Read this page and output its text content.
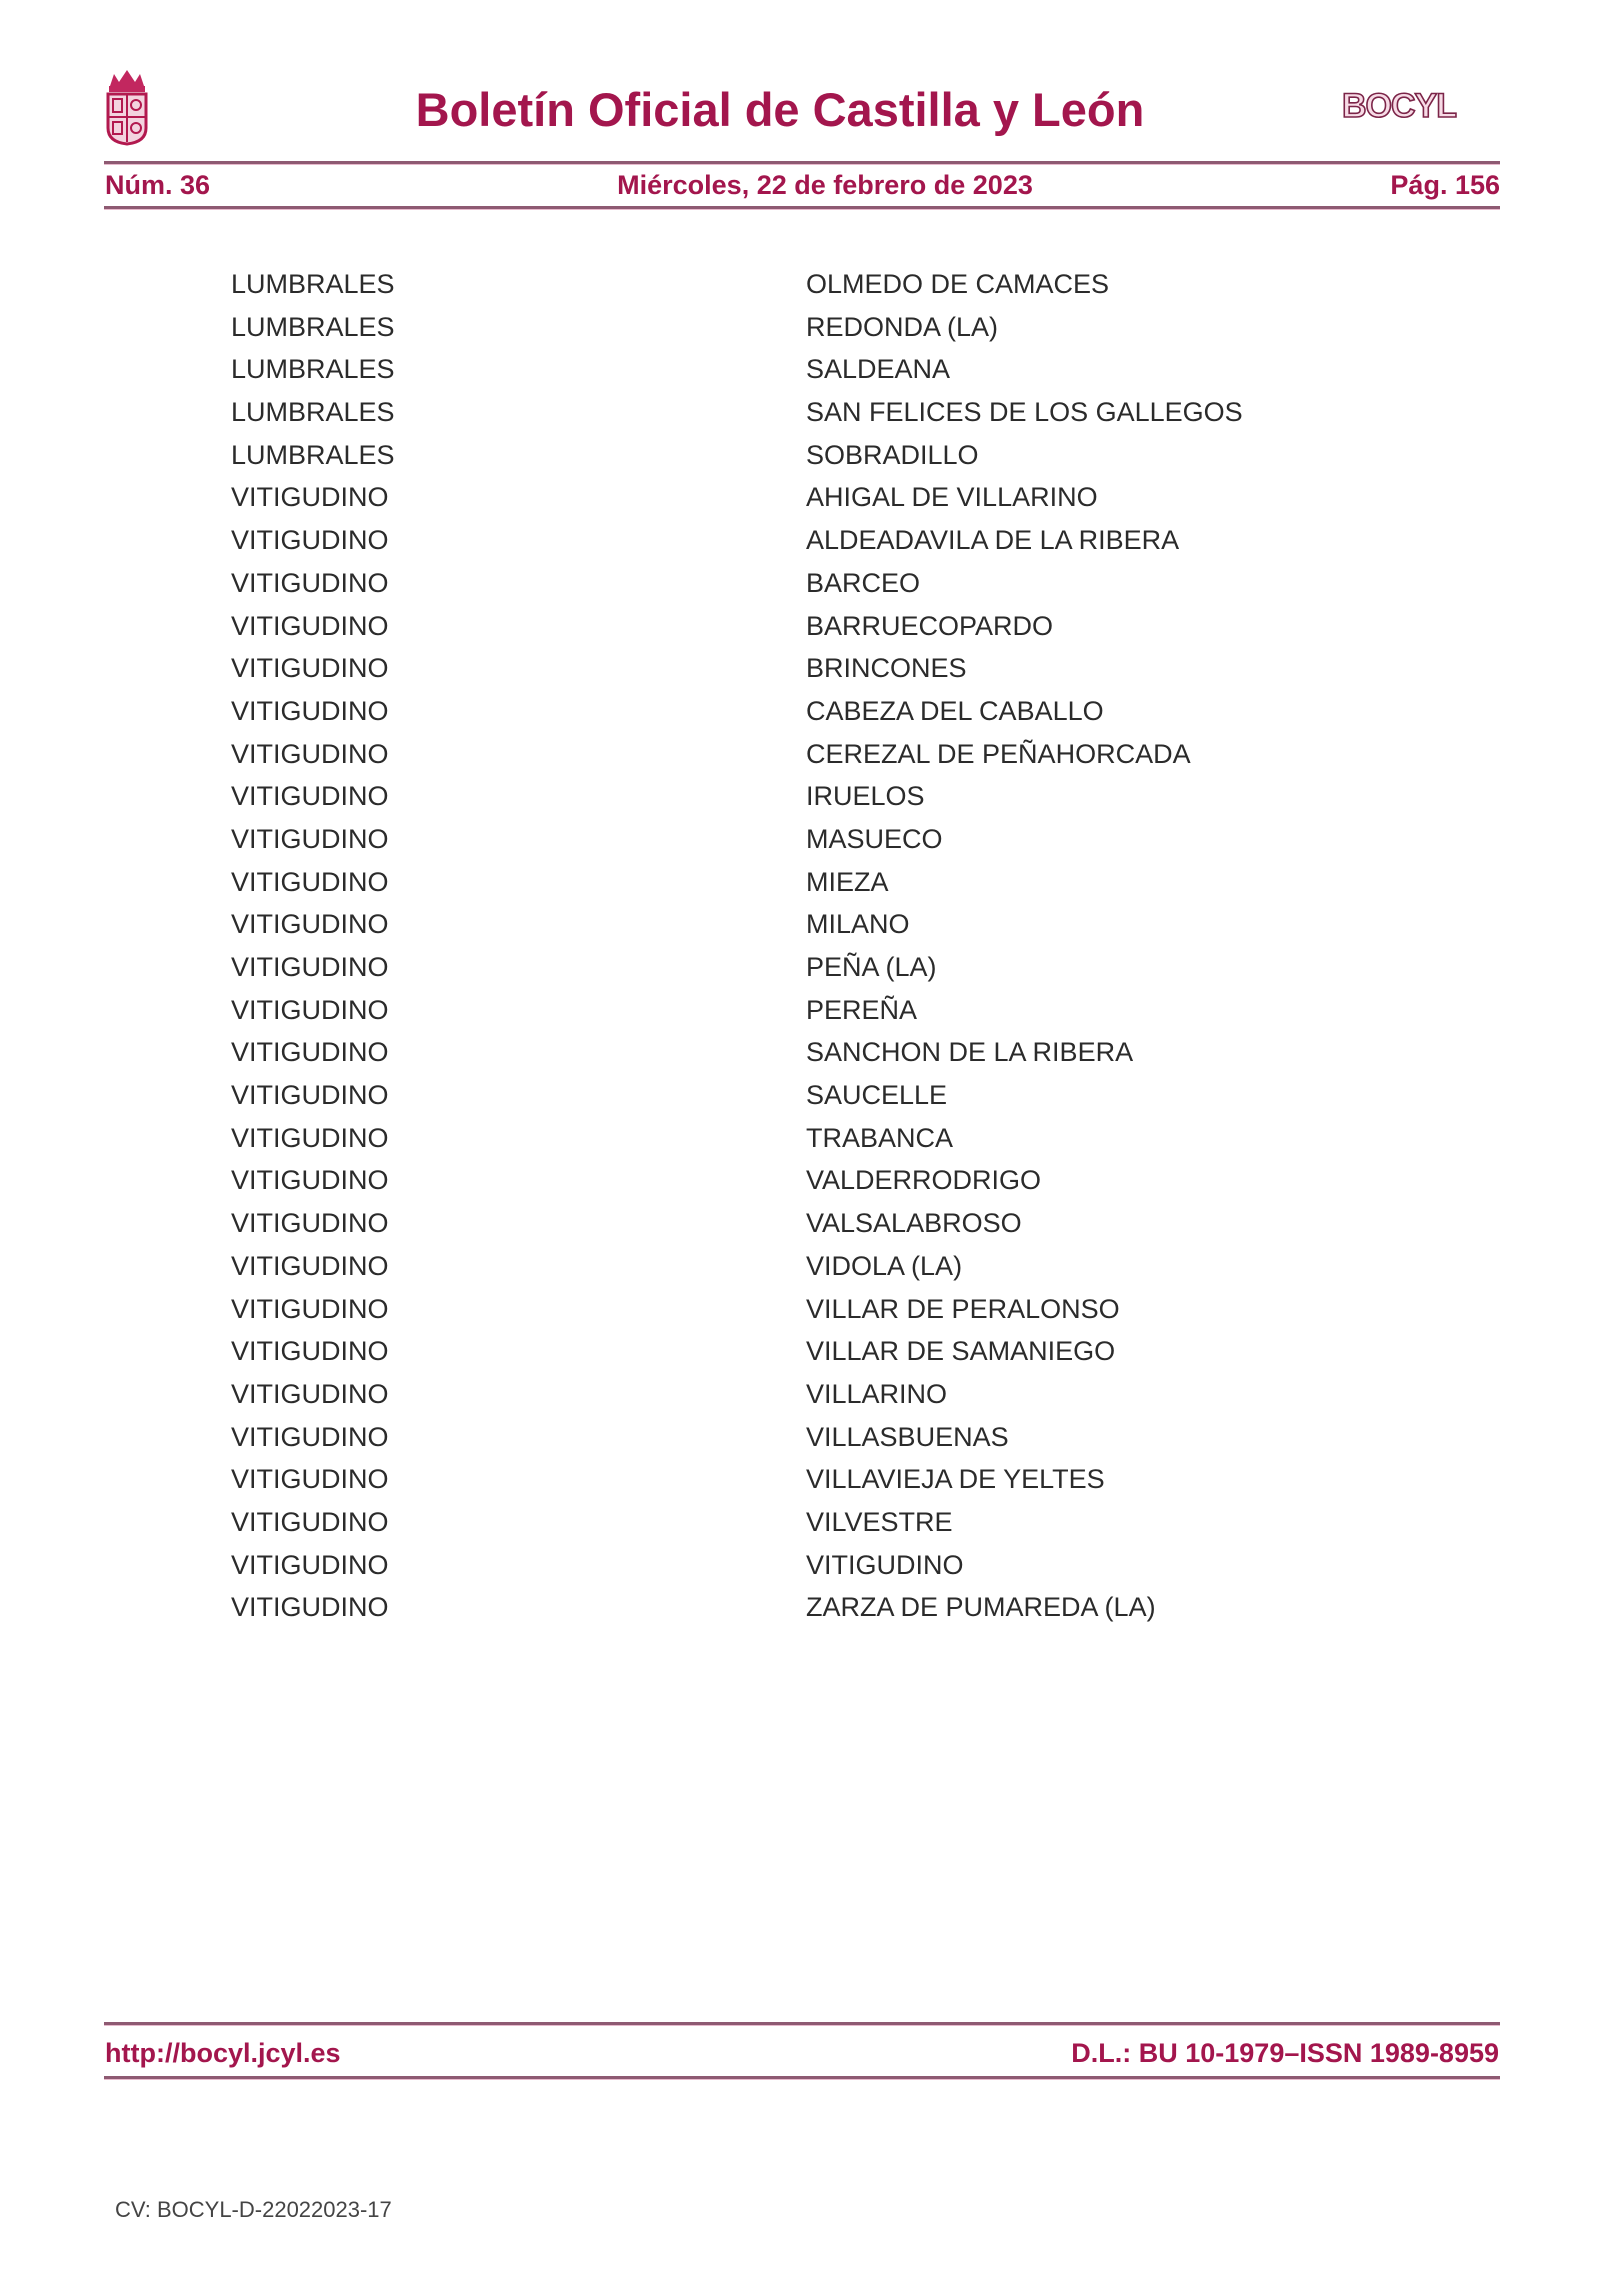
Boletín Oficial de Castilla y León	BOCYL
Núm. 36	Miércoles, 22 de febrero de 2023	Pág. 156
LUMBRALES	OLMEDO DE CAMACES
LUMBRALES	REDONDA (LA)
LUMBRALES	SALDEANA
LUMBRALES	SAN FELICES DE LOS GALLEGOS
LUMBRALES	SOBRADILLO
VITIGUDINO	AHIGAL DE VILLARINO
VITIGUDINO	ALDEADAVILA DE LA RIBERA
VITIGUDINO	BARCEO
VITIGUDINO	BARRUECOPARDO
VITIGUDINO	BRINCONES
VITIGUDINO	CABEZA DEL CABALLO
VITIGUDINO	CEREZAL DE PEÑAHORCADA
VITIGUDINO	IRUELOS
VITIGUDINO	MASUECO
VITIGUDINO	MIEZA
VITIGUDINO	MILANO
VITIGUDINO	PEÑA (LA)
VITIGUDINO	PEREÑA
VITIGUDINO	SANCHON DE LA RIBERA
VITIGUDINO	SAUCELLE
VITIGUDINO	TRABANCA
VITIGUDINO	VALDERRODRIGO
VITIGUDINO	VALSALABROSO
VITIGUDINO	VIDOLA (LA)
VITIGUDINO	VILLAR DE PERALONSO
VITIGUDINO	VILLAR DE SAMANIEGO
VITIGUDINO	VILLARINO
VITIGUDINO	VILLASBUENAS
VITIGUDINO	VILLAVIEJA DE YELTES
VITIGUDINO	VILVESTRE
VITIGUDINO	VITIGUDINO
VITIGUDINO	ZARZA DE PUMAREDA (LA)
http://bocyl.jcyl.es	D.L.: BU 10-1979–ISSN 1989-8959
CV: BOCYL-D-22022023-17
